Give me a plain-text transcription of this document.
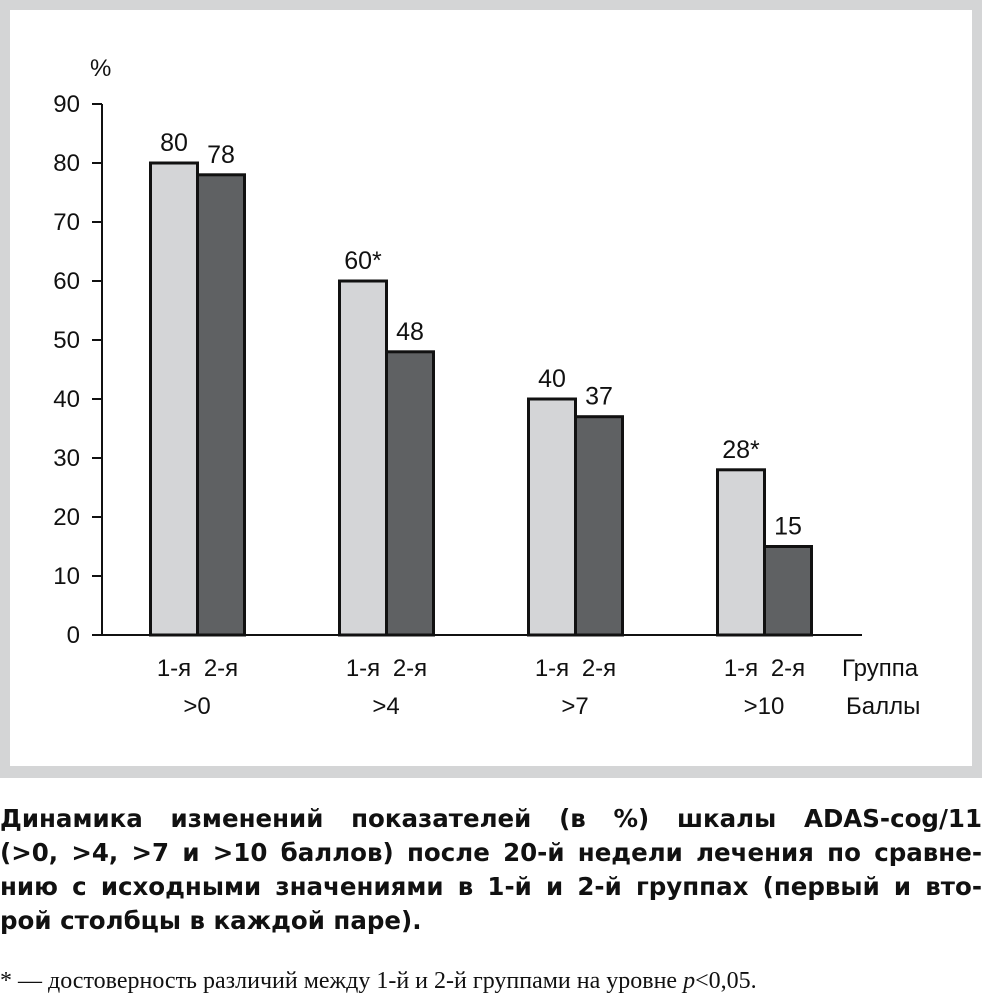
%
0
10
20
30
40
50
60
70
80
90
80 78
60*
48
40
37
28*
15
1-я 2-я
>0
1-я 2-я
>4
1-я 2-я
>7
1-я 2-я
>10
Группа
Баллы

Динамика изменений показателей (в %) шкалы ADAS-cog/11
(>0, >4, >7 и >10 баллов) после 20-й недели лечения по сравне-
нию с исходными значениями в 1-й и 2-й группах (первый и вто-
рой столбцы в каждой паре).

* — достоверность различий между 1-й и 2-й группами на уровне p<0,05.
